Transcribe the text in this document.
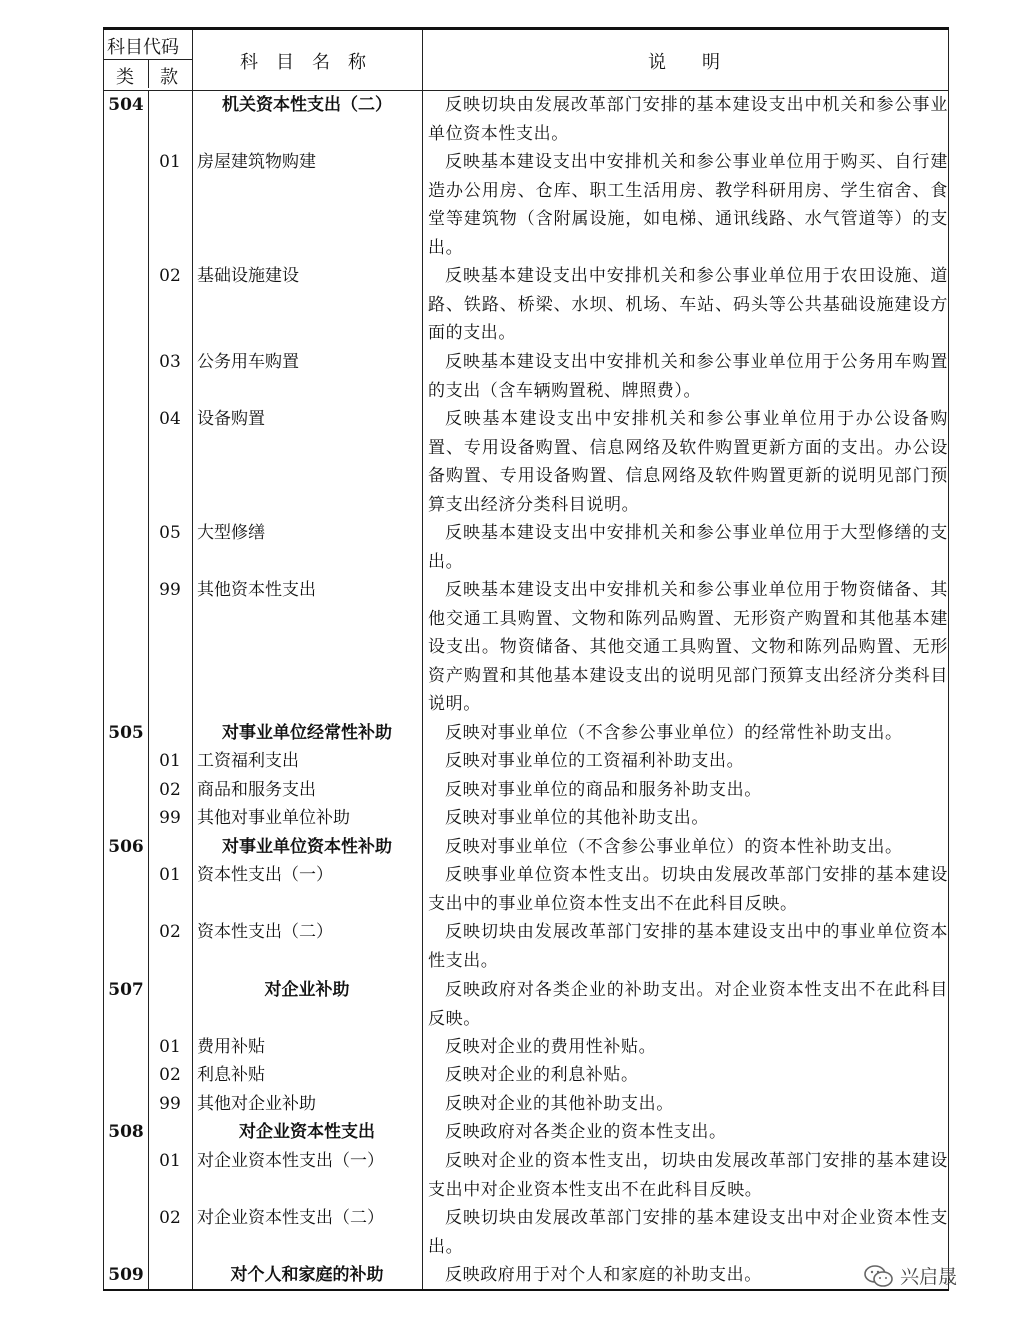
科目代码
类 款
科　目　名　称	说　　明
504	机关资本性支出（二）	反映切块由发展改革部门安排的基本建设支出中机关和参公事业单位资本性支出。
01 房屋建筑物购建	反映基本建设支出中安排机关和参公事业单位用于购买、自行建造办公用房、仓库、职工生活用房、教学科研用房、学生宿舍、食堂等建筑物（含附属设施，如电梯、通讯线路、水气管道等）的支出。
02 基础设施建设	反映基本建设支出中安排机关和参公事业单位用于农田设施、道路、铁路、桥梁、水坝、机场、车站、码头等公共基础设施建设方面的支出。
03 公务用车购置	反映基本建设支出中安排机关和参公事业单位用于公务用车购置的支出（含车辆购置税、牌照费）。
04 设备购置	反映基本建设支出中安排机关和参公事业单位用于办公设备购置、专用设备购置、信息网络及软件购置更新方面的支出。办公设备购置、专用设备购置、信息网络及软件购置更新的说明见部门预算支出经济分类科目说明。
05 大型修缮	反映基本建设支出中安排机关和参公事业单位用于大型修缮的支出。
99 其他资本性支出	反映基本建设支出中安排机关和参公事业单位用于物资储备、其他交通工具购置、文物和陈列品购置、无形资产购置和其他基本建设支出。物资储备、其他交通工具购置、文物和陈列品购置、无形资产购置和其他基本建设支出的说明见部门预算支出经济分类科目说明。
505	对事业单位经常性补助	反映对事业单位（不含参公事业单位）的经常性补助支出。
01 工资福利支出	反映对事业单位的工资福利补助支出。
02 商品和服务支出	反映对事业单位的商品和服务补助支出。
99 其他对事业单位补助	反映对事业单位的其他补助支出。
506	对事业单位资本性补助	反映对事业单位（不含参公事业单位）的资本性补助支出。
01 资本性支出（一）	反映事业单位资本性支出。切块由发展改革部门安排的基本建设支出中的事业单位资本性支出不在此科目反映。
02 资本性支出（二）	反映切块由发展改革部门安排的基本建设支出中的事业单位资本性支出。
507	对企业补助	反映政府对各类企业的补助支出。对企业资本性支出不在此科目反映。
01 费用补贴	反映对企业的费用性补贴。
02 利息补贴	反映对企业的利息补贴。
99 其他对企业补助	反映对企业的其他补助支出。
508	对企业资本性支出	反映政府对各类企业的资本性支出。
01 对企业资本性支出（一）	反映对企业的资本性支出，切块由发展改革部门安排的基本建设支出中对企业资本性支出不在此科目反映。
02 对企业资本性支出（二）	反映切块由发展改革部门安排的基本建设支出中对企业资本性支出。
509	对个人和家庭的补助	反映政府用于对个人和家庭的补助支出。	兴启晟
